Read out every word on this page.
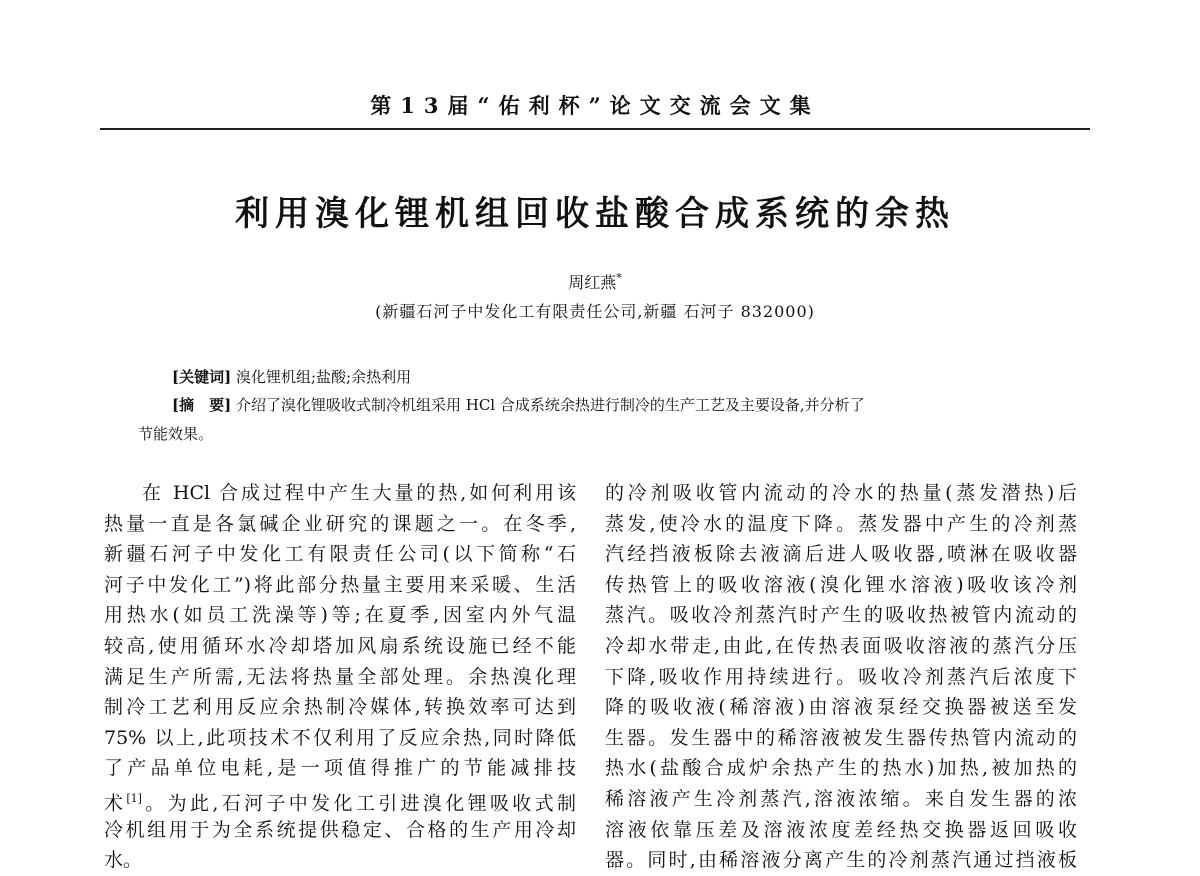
第13届“佑利杯”论文交流会文集
利用溴化锂机组回收盐酸合成系统的余热
周红燕*
(新疆石河子中发化工有限责任公司,新疆 石河子 832000)
[关键词] 溴化锂机组;盐酸;余热利用
[摘　要] 介绍了溴化锂吸收式制冷机组采用 HCl 合成系统余热进行制冷的生产工艺及主要设备,并分析了
节能效果。
在 HCl 合成过程中产生大量的热,如何利用该
热量一直是各氯碱企业研究的课题之一。在冬季,
新疆石河子中发化工有限责任公司(以下简称“石
河子中发化工”)将此部分热量主要用来采暖、生活
用热水(如员工洗澡等)等;在夏季,因室内外气温
较高,使用循环水冷却塔加风扇系统设施已经不能
满足生产所需,无法将热量全部处理。余热溴化理
制冷工艺利用反应余热制冷媒体,转换效率可达到
75% 以上,此项技术不仅利用了反应余热,同时降低
了产品单位电耗,是一项值得推广的节能减排技
术[1]。为此,石河子中发化工引进溴化锂吸收式制
冷机组用于为全系统提供稳定、合格的生产用冷却
水。
的冷剂吸收管内流动的冷水的热量(蒸发潜热)后
蒸发,使冷水的温度下降。蒸发器中产生的冷剂蒸
汽经挡液板除去液滴后进人吸收器,喷淋在吸收器
传热管上的吸收溶液(溴化锂水溶液)吸收该冷剂
蒸汽。吸收冷剂蒸汽时产生的吸收热被管内流动的
冷却水带走,由此,在传热表面吸收溶液的蒸汽分压
下降,吸收作用持续进行。吸收冷剂蒸汽后浓度下
降的吸收液(稀溶液)由溶液泵经交换器被送至发
生器。发生器中的稀溶液被发生器传热管内流动的
热水(盐酸合成炉余热产生的热水)加热,被加热的
稀溶液产生冷剂蒸汽,溶液浓缩。来自发生器的浓
溶液依靠压差及溶液浓度差经热交换器返回吸收
器。同时,由稀溶液分离产生的冷剂蒸汽通过挡液板
